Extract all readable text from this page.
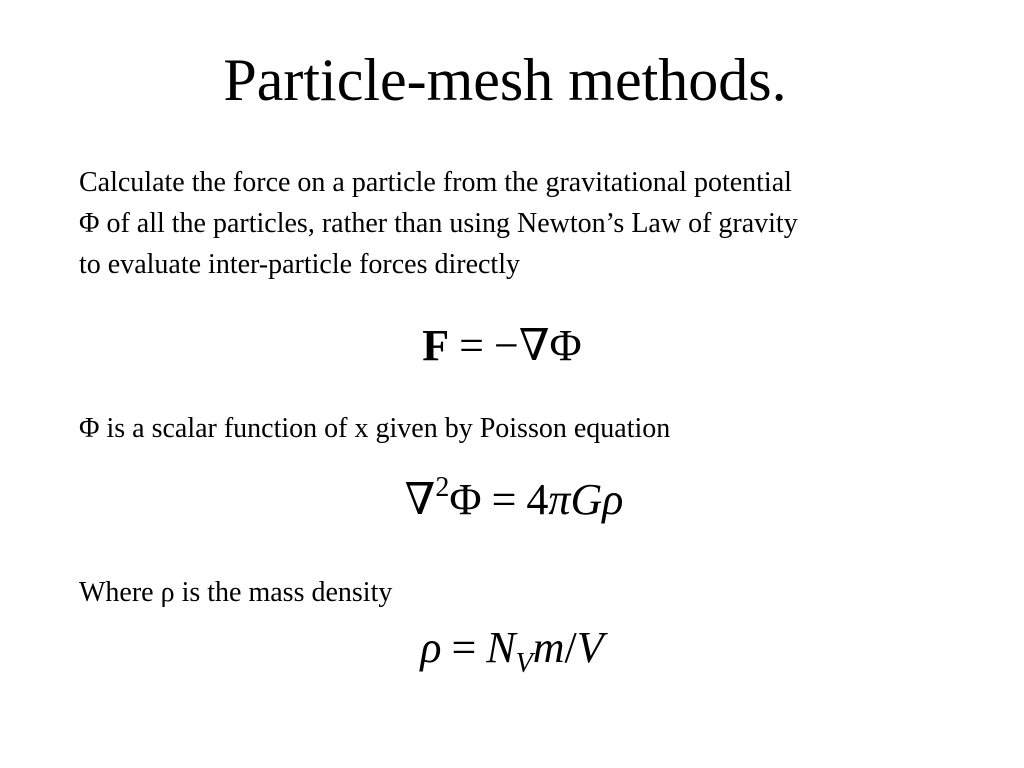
Particle-mesh methods.
Calculate the force on a particle from the gravitational potential
Φ of all the particles, rather than using Newton’s Law of gravity
to evaluate inter-particle forces directly
F = −∇Φ
Φ is a scalar function of x given by Poisson equation
∇$^2$Φ = 4πGρ
Where ρ is the mass density
$\rho = N_Vm/V$
